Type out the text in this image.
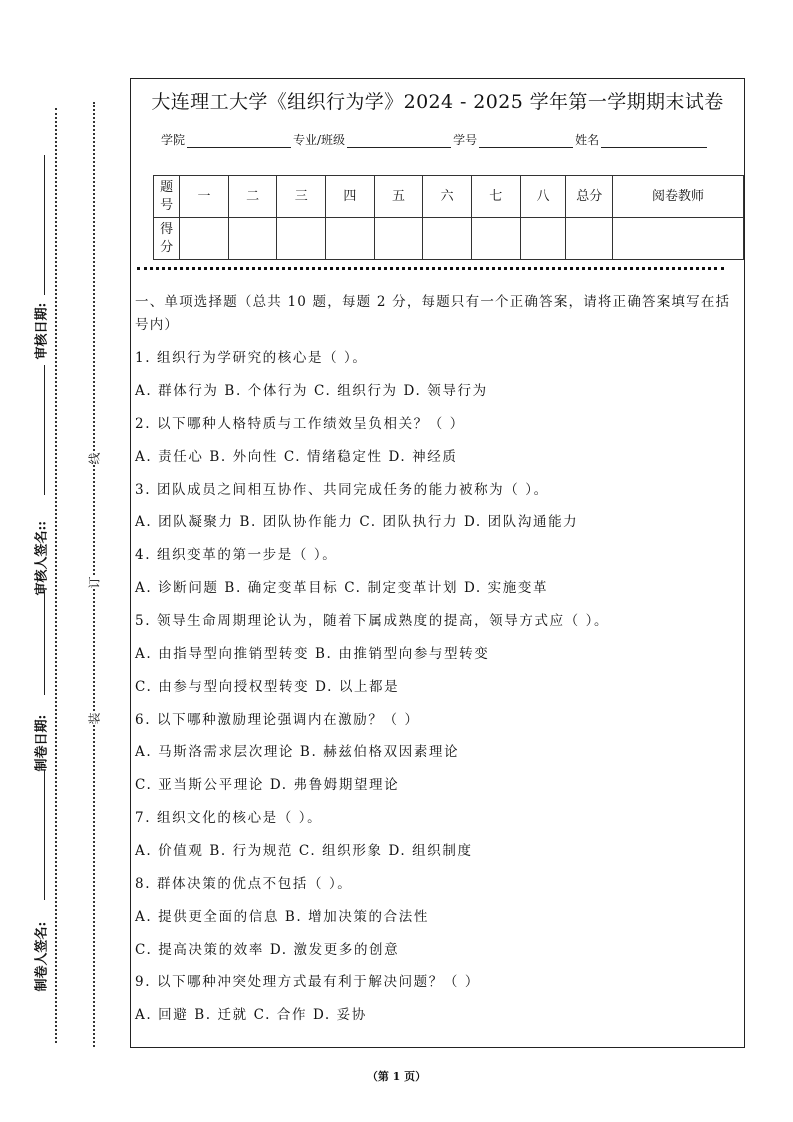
审核日期:
审核人签名::
制卷日期:
制卷人签名:
线
订
装
大连理工大学《组织行为学》2024 - 2025 学年第一学期期末试卷
学院	专业/班级	学号	姓名
题号	一	二	三	四	五	六	七	八	总分	阅卷教师
得分										
一、单项选择题（总共 10 题，每题 2 分，每题只有一个正确答案，请将正确答案填写在括号内）
1. 组织行为学研究的核心是（ ）。
A. 群体行为 B. 个体行为 C. 组织行为 D. 领导行为
2. 以下哪种人格特质与工作绩效呈负相关？（ ）
A. 责任心 B. 外向性 C. 情绪稳定性 D. 神经质
3. 团队成员之间相互协作、共同完成任务的能力被称为（ ）。
A. 团队凝聚力 B. 团队协作能力 C. 团队执行力 D. 团队沟通能力
4. 组织变革的第一步是（ ）。
A. 诊断问题 B. 确定变革目标 C. 制定变革计划 D. 实施变革
5. 领导生命周期理论认为，随着下属成熟度的提高，领导方式应（ ）。
A. 由指导型向推销型转变 B. 由推销型向参与型转变
C. 由参与型向授权型转变 D. 以上都是
6. 以下哪种激励理论强调内在激励？（ ）
A. 马斯洛需求层次理论 B. 赫兹伯格双因素理论
C. 亚当斯公平理论 D. 弗鲁姆期望理论
7. 组织文化的核心是（ ）。
A. 价值观 B. 行为规范 C. 组织形象 D. 组织制度
8. 群体决策的优点不包括（ ）。
A. 提供更全面的信息 B. 增加决策的合法性
C. 提高决策的效率 D. 激发更多的创意
9. 以下哪种冲突处理方式最有利于解决问题？（ ）
A. 回避 B. 迁就 C. 合作 D. 妥协
（第 1 页）
